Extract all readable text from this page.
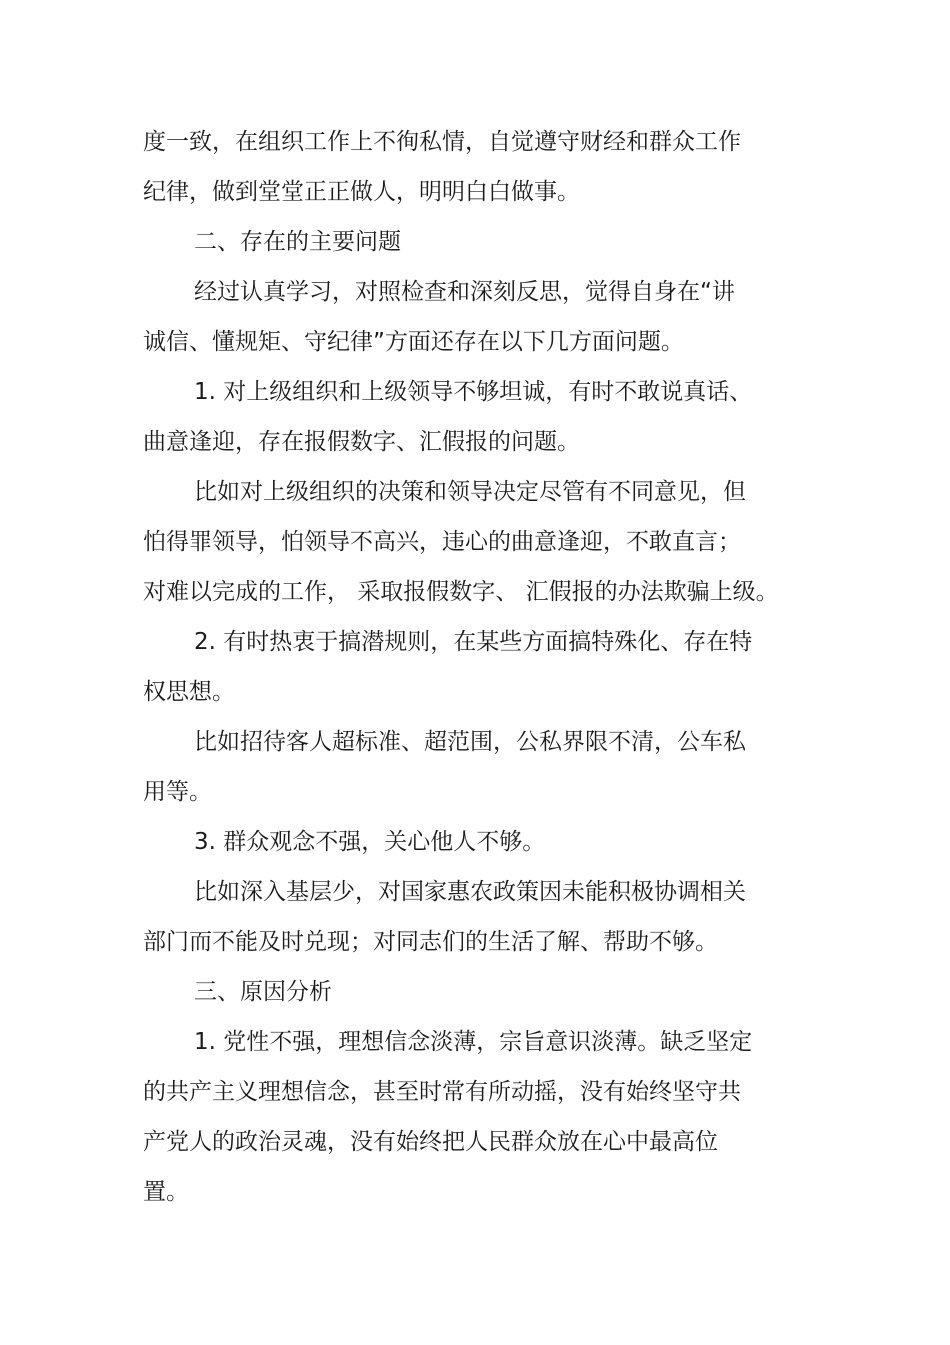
度一致，在组织工作上不徇私情，自觉遵守财经和群众工作
纪律，做到堂堂正正做人，明明白白做事。
二、存在的主要问题
经过认真学习，对照检查和深刻反思，觉得自身在“讲
诚信、懂规矩、守纪律”方面还存在以下几方面问题。
1. 对上级组织和上级领导不够坦诚，有时不敢说真话、
曲意逢迎，存在报假数字、汇假报的问题。
比如对上级组织的决策和领导决定尽管有不同意见，但
怕得罪领导，怕领导不高兴，违心的曲意逢迎，不敢直言；
对难以完成的工作， 采取报假数字、 汇假报的办法欺骗上级。
2. 有时热衷于搞潜规则，在某些方面搞特殊化、存在特
权思想。
比如招待客人超标准、超范围，公私界限不清，公车私
用等。
3. 群众观念不强，关心他人不够。
比如深入基层少，对国家惠农政策因未能积极协调相关
部门而不能及时兑现；对同志们的生活了解、帮助不够。
三、原因分析
1. 党性不强，理想信念淡薄，宗旨意识淡薄。缺乏坚定
的共产主义理想信念，甚至时常有所动摇，没有始终坚守共
产党人的政治灵魂，没有始终把人民群众放在心中最高位
置。
